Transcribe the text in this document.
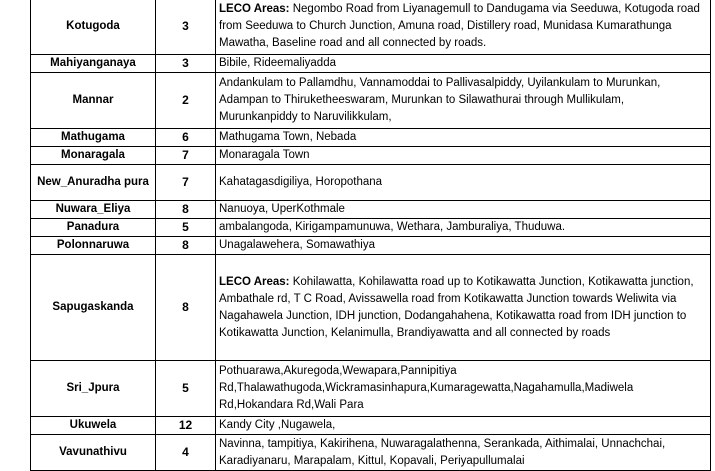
Kotugoda	3	LECO Areas: Negombo Road from Liyanagemull to Dandugama via Seeduwa, Kotugoda road
from Seeduwa to Church Junction, Amuna road, Distillery road, Munidasa Kumarathunga
Mawatha, Baseline road and all connected by roads.

Mahiyanganaya	3	Bibile, Rideemaliyadda

Mannar	2	Andankulam to Pallamdhu, Vannamoddai to Pallivasalpiddy, Uyilankulam to Murunkan,
Adampan to Thiruketheeswaram, Murunkan to Silawathurai through Mullikulam,
Murunkanpiddy to Naruvilikkulam,

Mathugama	6	Mathugama Town, Nebada

Monaragala	7	Monaragala Town

New_Anuradha pura	7	Kahatagasdigiliya, Horopothana

Nuwara_Eliya	8	Nanuoya, UperKothmale

Panadura	5	ambalangoda, Kirigampamunuwa, Wethara, Jamburaliya, Thuduwa.

Polonnaruwa	8	Unagalawehera, Somawathiya

Sapugaskanda	8	LECO Areas: Kohilawatta, Kohilawatta road up to Kotikawatta Junction, Kotikawatta junction,
Ambathale rd, T C Road, Avissawella road from Kotikawatta Junction towards Weliwita via
Nagahawela Junction, IDH junction, Dodangahahena, Kotikawatta road from IDH junction to
Kotikawatta Junction, Kelanimulla, Brandiyawatta and all connected by roads

Sri_Jpura	5	Pothuarawa,Akuregoda,Wewapara,Pannipitiya
Rd,Thalawathugoda,Wickramasinhapura,Kumaragewatta,Nagahamulla,Madiwela
Rd,Hokandara Rd,Wali Para

Ukuwela	12	Kandy City ,Nugawela,

Vavunathivu	4	Navinna, tampitiya, Kakirihena, Nuwaragalathenna, Serankada, Aithimalai, Unnachchai,
Karadiyanaru, Marapalam, Kittul, Kopavali, Periyapullumalai
